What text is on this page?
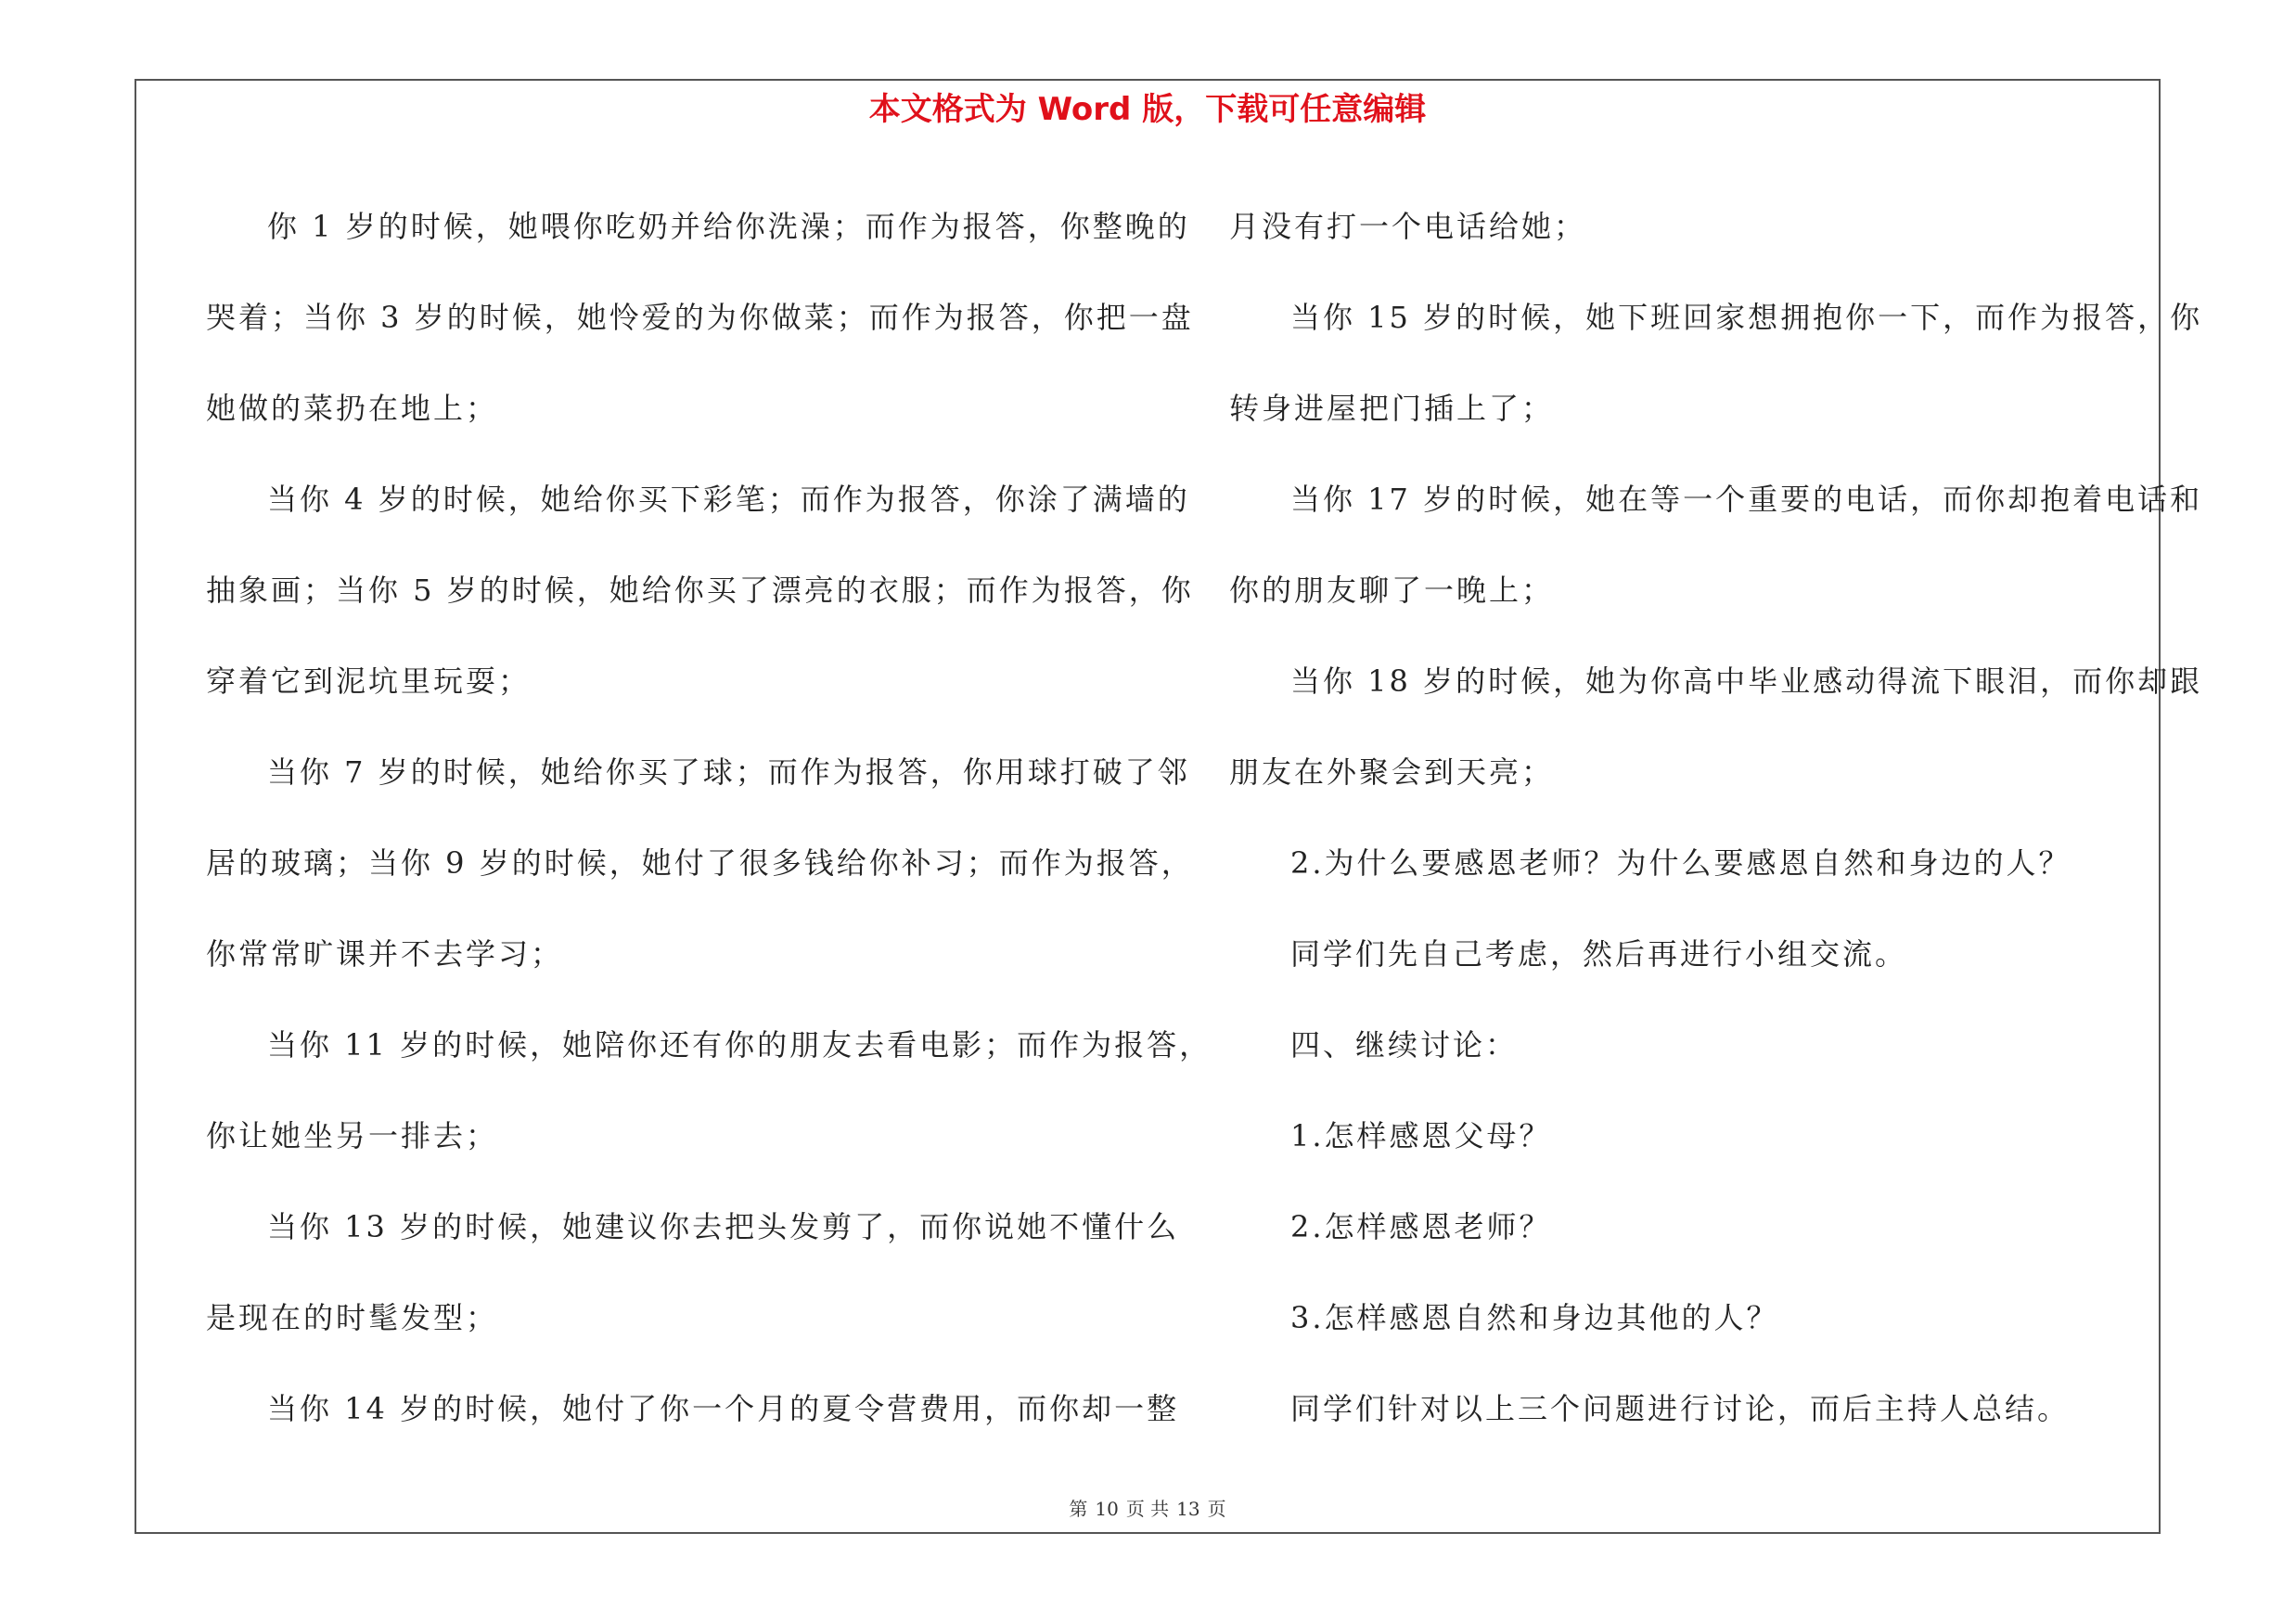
本文格式为 Word 版，下载可任意编辑

你 1 岁的时候，她喂你吃奶并给你洗澡；而作为报答，你整晚的

哭着；当你 3 岁的时候，她怜爱的为你做菜；而作为报答，你把一盘

她做的菜扔在地上；

当你 4 岁的时候，她给你买下彩笔；而作为报答，你涂了满墙的

抽象画；当你 5 岁的时候，她给你买了漂亮的衣服；而作为报答，你

穿着它到泥坑里玩耍；

当你 7 岁的时候，她给你买了球；而作为报答，你用球打破了邻

居的玻璃；当你 9 岁的时候，她付了很多钱给你补习；而作为报答，

你常常旷课并不去学习；

当你 11 岁的时候，她陪你还有你的朋友去看电影；而作为报答，

你让她坐另一排去；

当你 13 岁的时候，她建议你去把头发剪了，而你说她不懂什么

是现在的时髦发型；

当你 14 岁的时候，她付了你一个月的夏令营费用，而你却一整

月没有打一个电话给她；

当你 15 岁的时候，她下班回家想拥抱你一下，而作为报答，你

转身进屋把门插上了；

当你 17 岁的时候，她在等一个重要的电话，而你却抱着电话和

你的朋友聊了一晚上；

当你 18 岁的时候，她为你高中毕业感动得流下眼泪，而你却跟

朋友在外聚会到天亮；

2.为什么要感恩老师？为什么要感恩自然和身边的人？

同学们先自己考虑，然后再进行小组交流。

四、继续讨论：

1.怎样感恩父母？

2.怎样感恩老师？

3.怎样感恩自然和身边其他的人？

同学们针对以上三个问题进行讨论，而后主持人总结。

第 10 页 共 13 页
